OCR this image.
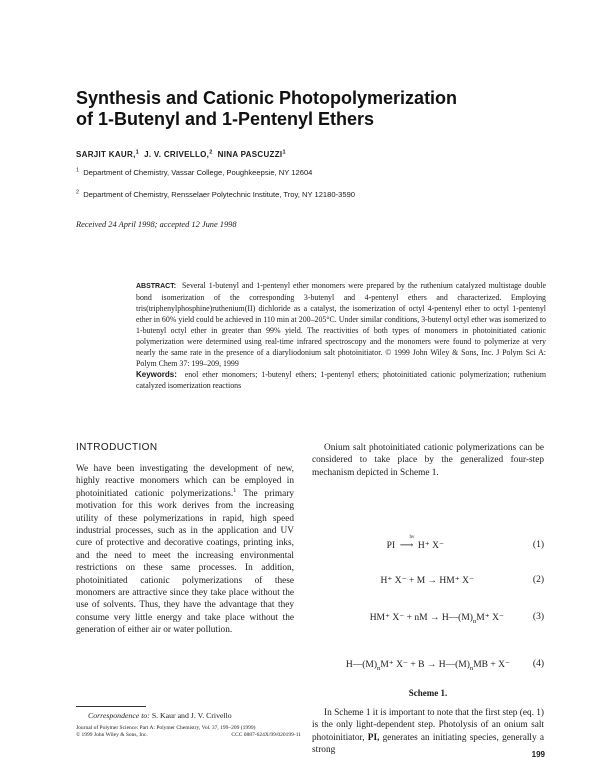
Synthesis and Cationic Photopolymerization
of 1-Butenyl and 1-Pentenyl Ethers
SARJIT KAUR,$^1$ J. V. CRIVELLO,$^2$ NINA PASCUZZI$^1$
$^1$ Department of Chemistry, Vassar College, Poughkeepsie, NY 12604
$^2$ Department of Chemistry, Rensselaer Polytechnic Institute, Troy, NY 12180-3590
Received 24 April 1998; accepted 12 June 1998
ABSTRACT: Several 1-butenyl and 1-pentenyl ether monomers were prepared by the ruthenium catalyzed multistage double bond isomerization of the corresponding 3-butenyl and 4-pentenyl ethers and characterized. Employing tris(triphenylphosphine)ruthenium(II) dichloride as a catalyst, the isomerization of octyl 4-pentenyl ether to octyl 1-pentenyl ether in 60% yield could be achieved in 110 min at 200–205°C. Under similar conditions, 3-butenyl octyl ether was isomerized to 1-butenyl octyl ether in greater than 99% yield. The reactivities of both types of monomers in photoinitiated cationic polymerization were determined using real-time infrared spectroscopy and the monomers were found to polymerize at very nearly the same rate in the presence of a diaryliodonium salt photoinitiator. © 1999 John Wiley & Sons, Inc. J Polym Sci A: Polym Chem 37: 199–209, 1999
Keywords: enol ether monomers; 1-butenyl ethers; 1-pentenyl ethers; photoinitiated cationic polymerization; ruthenium catalyzed isomerization reactions
INTRODUCTION

We have been investigating the development of new, highly reactive monomers which can be employed in photoinitiated cationic polymerizations.$^1$ The primary motivation for this work derives from the increasing utility of these polymerizations in rapid, high speed industrial processes, such as in the application and UV cure of protective and decorative coatings, printing inks, and the need to meet the increasing environmental restrictions on these same processes. In addition, photoinitiated cationic polymerizations of these monomers are attractive since they take place without the use of solvents. Thus, they have the advantage that they consume very little energy and take place without the generation of either air or water pollution.

Onium salt photoinitiated cationic polymerizations can be considered to take place by the generalized four-step mechanism depicted in Scheme 1.

PI
hν
⟶ H⁺ X⁻	(1)
H⁺ X⁻ + M → HM⁺ X⁻	(2)
HM⁺ X⁻ + nM → $H—(M)_nM^+$ X⁻	(3)
$H—(M)_nM^+$ $X^- + B \to H—(M)_nMB + X^-$ (4)
Scheme 1.

In Scheme 1 it is important to note that the first step (eq. 1) is the only light-dependent step. Photolysis of an onium salt photoinitiator, PI, generates an initiating species, generally a strong

Correspondence to: S. Kaur and J. V. Crivello
Journal of Polymer Science: Part A: Polymer Chemistry, Vol. 37, 199–209 (1999)
© 1999 John Wiley & Sons, Inc.	CCC 0887-624X/99/020199-11
199
